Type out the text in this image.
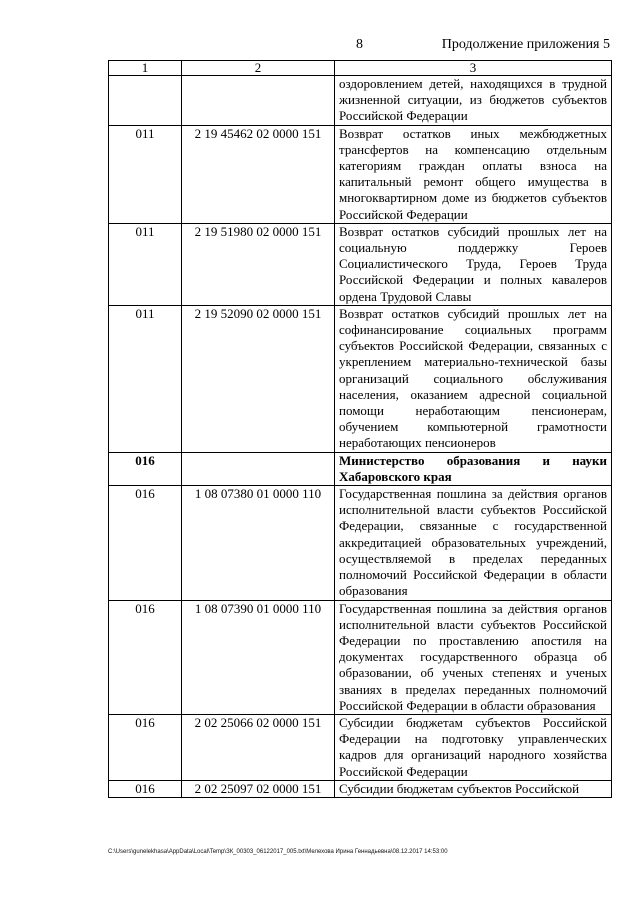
8	Продолжение приложения 5
1	2	3
		оздоровлением детей, находящихся в трудной жизненной ситуации, из бюджетов субъектов Российской Федерации
011	2 19 45462 02 0000 151	Возврат остатков иных межбюджетных трансфертов на компенсацию отдельным категориям граждан оплаты взноса на капитальный ремонт общего имущества в многоквартирном доме из бюджетов субъектов Российской Федерации
011	2 19 51980 02 0000 151	Возврат остатков субсидий прошлых лет на социальную поддержку Героев Социалистического Труда, Героев Труда Российской Федерации и полных кавалеров ордена Трудовой Славы
011	2 19 52090 02 0000 151	Возврат остатков субсидий прошлых лет на софинансирование социальных программ субъектов Российской Федерации, связанных с укреплением материально-технической базы организаций социального обслуживания населения, оказанием адресной социальной помощи неработающим пенсионерам, обучением компьютерной грамотности неработающих пенсионеров
016		Министерство образования и науки Хабаровского края
016	1 08 07380 01 0000 110	Государственная пошлина за действия органов исполнительной власти субъектов Российской Федерации, связанные с государственной аккредитацией образовательных учреждений, осуществляемой в пределах переданных полномочий Российской Федерации в области образования
016	1 08 07390 01 0000 110	Государственная пошлина за действия органов исполнительной власти субъектов Российской Федерации по проставлению апостиля на документах государственного образца об образовании, об ученых степенях и ученых званиях в пределах переданных полномочий Российской Федерации в области образования
016	2 02 25066 02 0000 151	Субсидии бюджетам субъектов Российской Федерации на подготовку управленческих кадров для организаций народного хозяйства Российской Федерации
016	2 02 25097 02 0000 151	Субсидии бюджетам субъектов Российской
C:\Users\gunelekhasa\AppData\Local\Temp\ЗК_00303_06122017_005.txt\Мелехова Ирина Геннадьевна\08.12.2017 14:53:00
